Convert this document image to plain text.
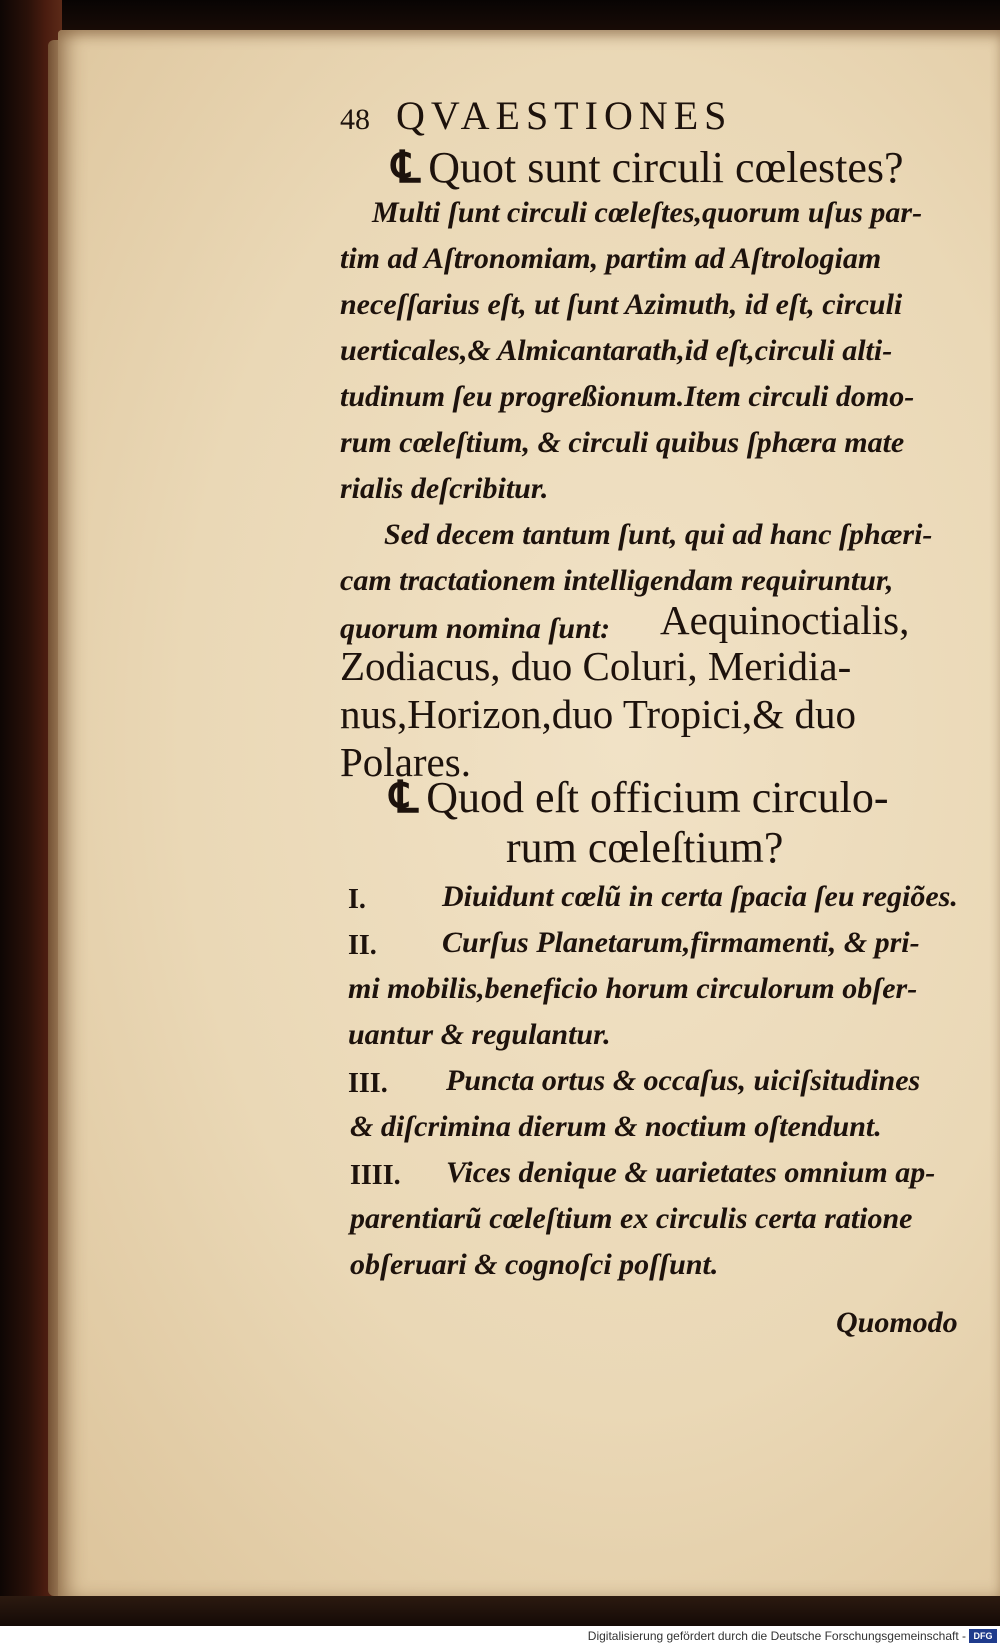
48 QVAESTIONES
℄ Quot sunt circuli cœlestes?
Multi ſunt circuli cœleſtes,quorum uſus par-
tim ad Aſtronomiam, partim ad Aſtrologiam
neceſſarius eſt, ut ſunt Azimuth, id eſt, circuli
uerticales,& Almicantarath,id eſt,circuli alti-
tudinum ſeu progreßionum.Item circuli domo-
rum cœleſtium, & circuli quibus ſphæra mate
rialis deſcribitur.
Sed decem tantum ſunt, qui ad hanc ſphæri-
cam tractationem intelligendam requiruntur,
quorum nomina ſunt: Aequinoctialis,
Zodiacus, duo Coluri, Meridia-
nus,Horizon,duo Tropici,& duo
Polares.
℄ Quod eſt officium circulo-
rum cœleſtium?
I.	Diuidunt cœlũ in certa ſpacia ſeu regiões.
II. Curſus Planetarum,firmamenti, & pri-
mi mobilis,beneficio horum circulorum obſer-
uantur & regulantur.
III. Puncta ortus & occaſus, uiciſsitudines
& diſcrimina dierum & noctium oſtendunt.
IIII. Vices denique & uarietates omnium ap-
parentiarũ cœleſtium ex circulis certa ratione
obſeruari & cognoſci poſſunt.
Quomodo
Digitalisierung gefördert durch die Deutsche Forschungsgemeinschaft - DFG
